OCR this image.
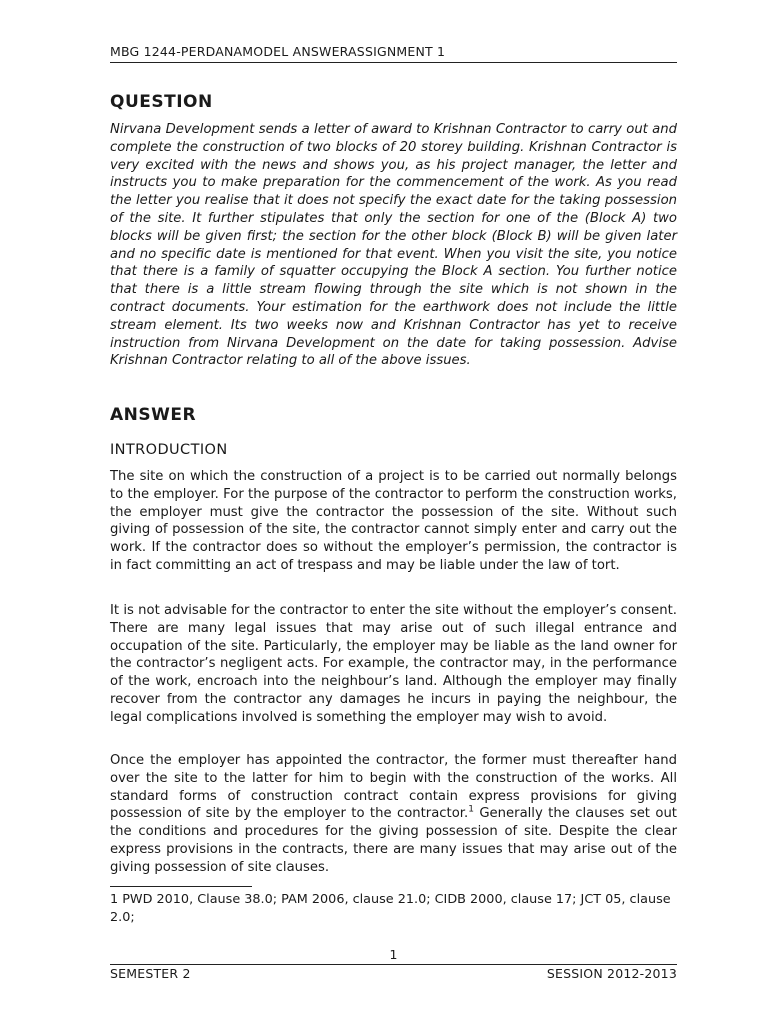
MBG 1244-PERDANAMODEL ANSWERASSIGNMENT 1
QUESTION

Nirvana Development sends a letter of award to Krishnan Contractor to carry out and complete the construction of two blocks of 20 storey building. Krishnan Contractor is very excited with the news and shows you, as his project manager, the letter and instructs you to make preparation for the commencement of the work. As you read the letter you realise that it does not specify the exact date for the taking possession of the site. It further stipulates that only the section for one of the (Block A) two blocks will be given first; the section for the other block (Block B) will be given later and no specific date is mentioned for that event. When you visit the site, you notice that there is a family of squatter occupying the Block A section. You further notice that there is a little stream flowing through the site which is not shown in the contract documents. Your estimation for the earthwork does not include the little stream element. Its two weeks now and Krishnan Contractor has yet to receive instruction from Nirvana Development on the date for taking possession. Advise Krishnan Contractor relating to all of the above issues.

ANSWER
INTRODUCTION

The site on which the construction of a project is to be carried out normally belongs to the employer. For the purpose of the contractor to perform the construction works, the employer must give the contractor the possession of the site. Without such giving of possession of the site, the contractor cannot simply enter and carry out the work. If the contractor does so without the employer’s permission, the contractor is in fact committing an act of trespass and may be liable under the law of tort.

It is not advisable for the contractor to enter the site without the employer’s consent. There are many legal issues that may arise out of such illegal entrance and occupation of the site. Particularly, the employer may be liable as the land owner for the contractor’s negligent acts. For example, the contractor may, in the performance of the work, encroach into the neighbour’s land. Although the employer may finally recover from the contractor any damages he incurs in paying the neighbour, the legal complications involved is something the employer may wish to avoid.

Once the employer has appointed the contractor, the former must thereafter hand over the site to the latter for him to begin with the construction of the works. All standard forms of construction contract contain express provisions for giving possession of site by the employer to the contractor.$^1$ Generally the clauses set out the conditions and procedures for the giving possession of site. Despite the clear express provisions in the contracts, there are many issues that may arise out of the giving possession of site clauses.

1 PWD 2010, Clause 38.0; PAM 2006, clause 21.0; CIDB 2000, clause 17; JCT 05, clause 2.0;

1
SEMESTER 2	SESSION 2012-2013
